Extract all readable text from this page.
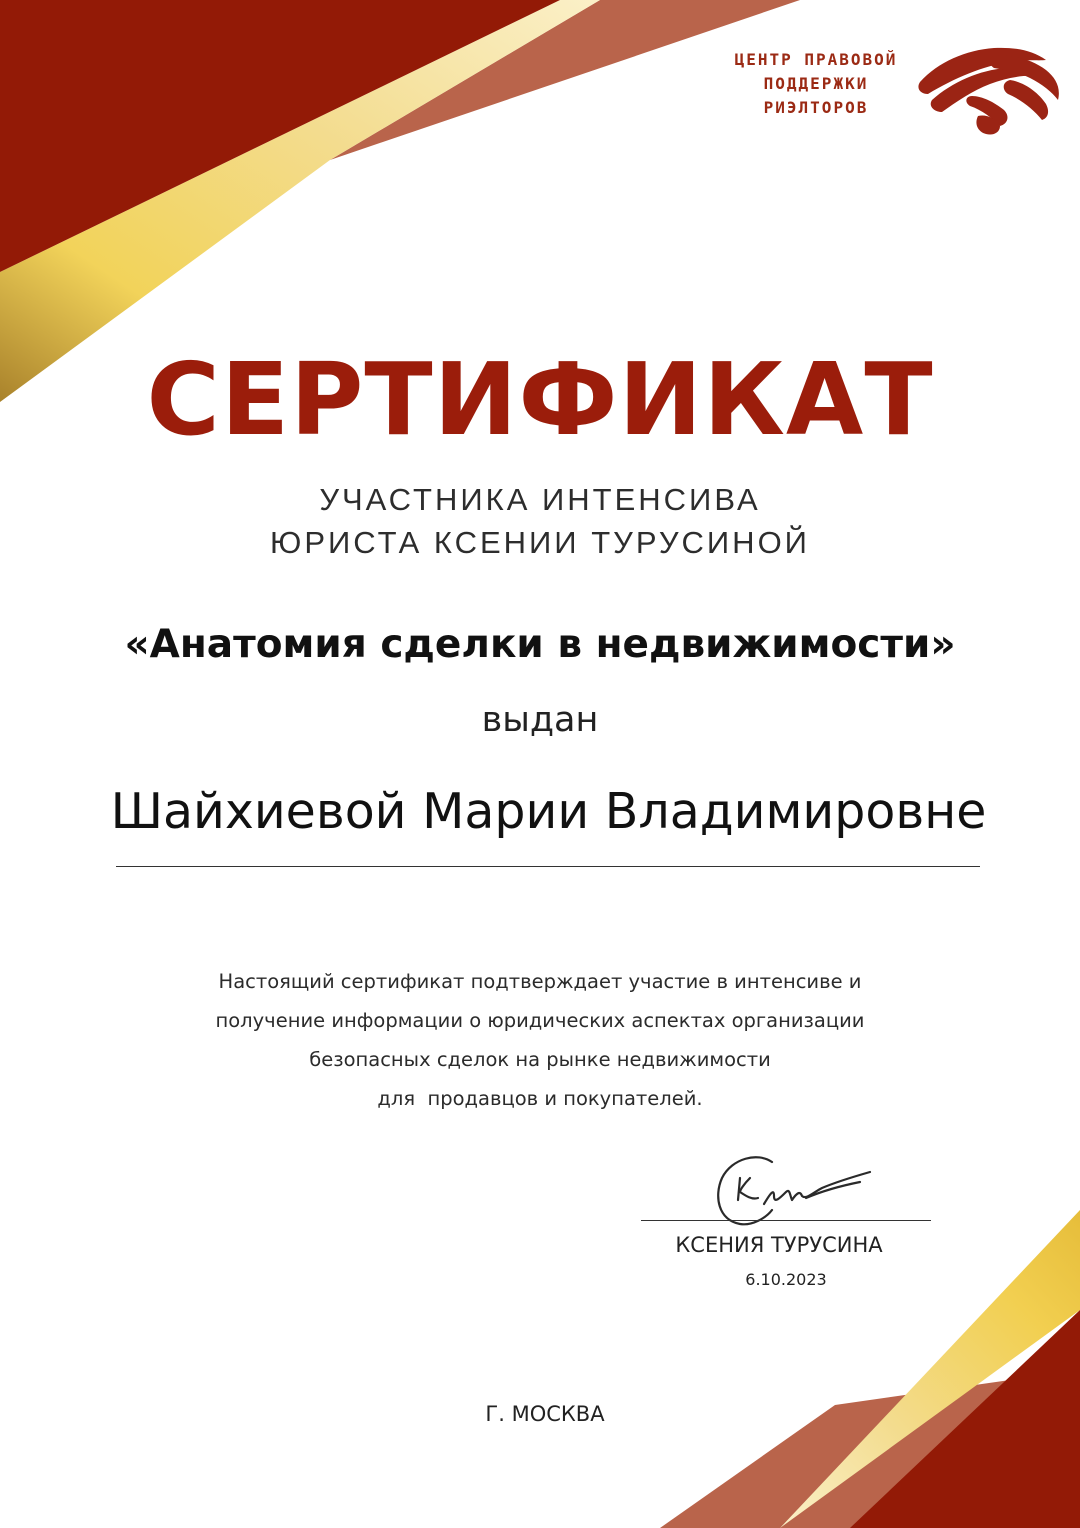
ЦЕНТР ПРАВОВОЙ
ПОДДЕРЖКИ
РИЭЛТОРОВ
СЕРТИФИКАТ
УЧАСТНИКА ИНТЕНСИВА
ЮРИСТА КСЕНИИ ТУРУСИНОЙ
«Анатомия сделки в недвижимости»
выдан
Шайхиевой Марии Владимировне
Настоящий сертификат подтверждает участие в интенсиве и
получение информации о юридических аспектах организации
безопасных сделок на рынке недвижимости
для  продавцов и покупателей.
КСЕНИЯ ТУРУСИНА
6.10.2023
Г. МОСКВА
